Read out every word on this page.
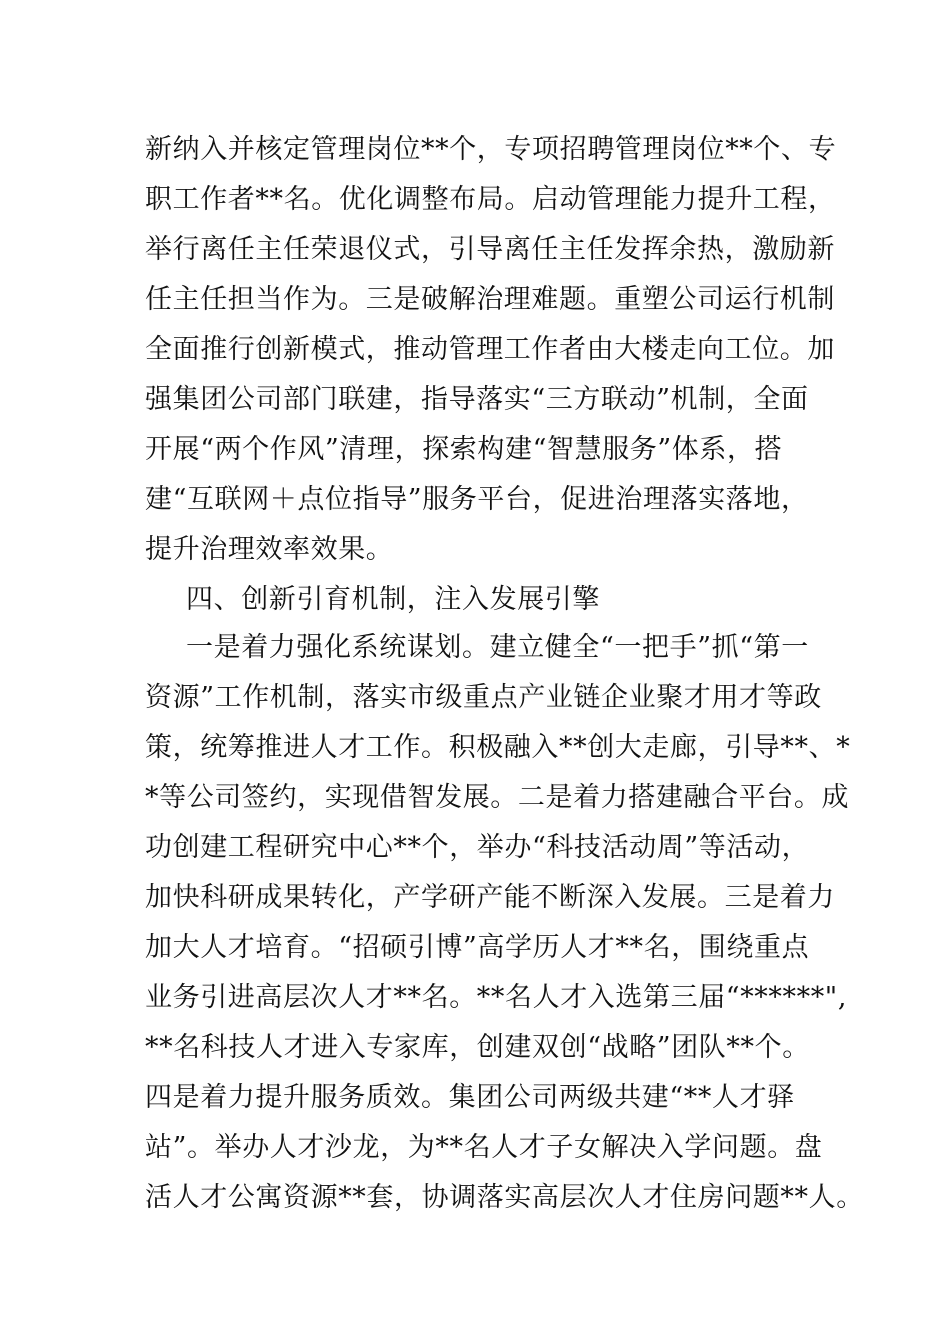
新纳入并核定管理岗位**个，专项招聘管理岗位**个、专
职工作者**名。优化调整布局。启动管理能力提升工程，
举行离任主任荣退仪式，引导离任主任发挥余热，激励新
任主任担当作为。三是破解治理难题。重塑公司运行机制
全面推行创新模式，推动管理工作者由大楼走向工位。加
强集团公司部门联建，指导落实“三方联动”机制，全面
开展“两个作风”清理，探索构建“智慧服务”体系，搭
建“互联网＋点位指导”服务平台，促进治理落实落地，
提升治理效率效果。
四、创新引育机制，注入发展引擎
一是着力强化系统谋划。建立健全“一把手”抓“第一
资源”工作机制，落实市级重点产业链企业聚才用才等政
策，统筹推进人才工作。积极融入**创大走廊，引导**、*
*等公司签约，实现借智发展。二是着力搭建融合平台。成
功创建工程研究中心**个，举办“科技活动周”等活动，
加快科研成果转化，产学研产能不断深入发展。三是着力
加大人才培育。“招硕引博”高学历人才**名，围绕重点
业务引进高层次人才**名。**名人才入选第三届“******",
**名科技人才进入专家库，创建双创“战略”团队**个。
四是着力提升服务质效。集团公司两级共建“**人才驿
站”。举办人才沙龙，为**名人才子女解决入学问题。盘
活人才公寓资源**套，协调落实高层次人才住房问题**人。
